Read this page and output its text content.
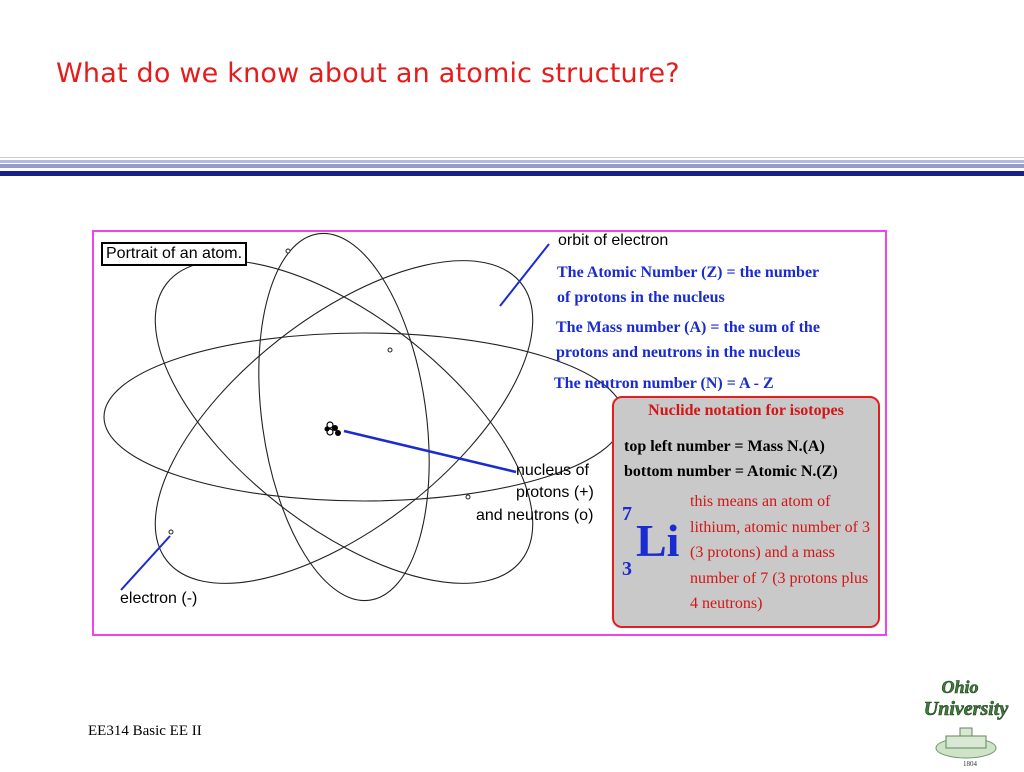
What do we know about an atomic structure?
Portrait of an atom.
orbit of electron
nucleus of
protons (+)
and neutrons (o)
electron (-)
The Atomic Number (Z) = the number
of protons in the nucleus
The Mass number (A) = the sum of the
protons and neutrons in the nucleus
The neutron number (N) = A - Z
Nuclide notation for isotopes
top left number = Mass N.(A)
bottom number = Atomic N.(Z)
7
Li
3
this means an atom of lithium, atomic number of 3 (3 protons) and a mass number of 7 (3 protons plus 4 neutrons)
EE314 Basic EE II
Ohio
University
1804
